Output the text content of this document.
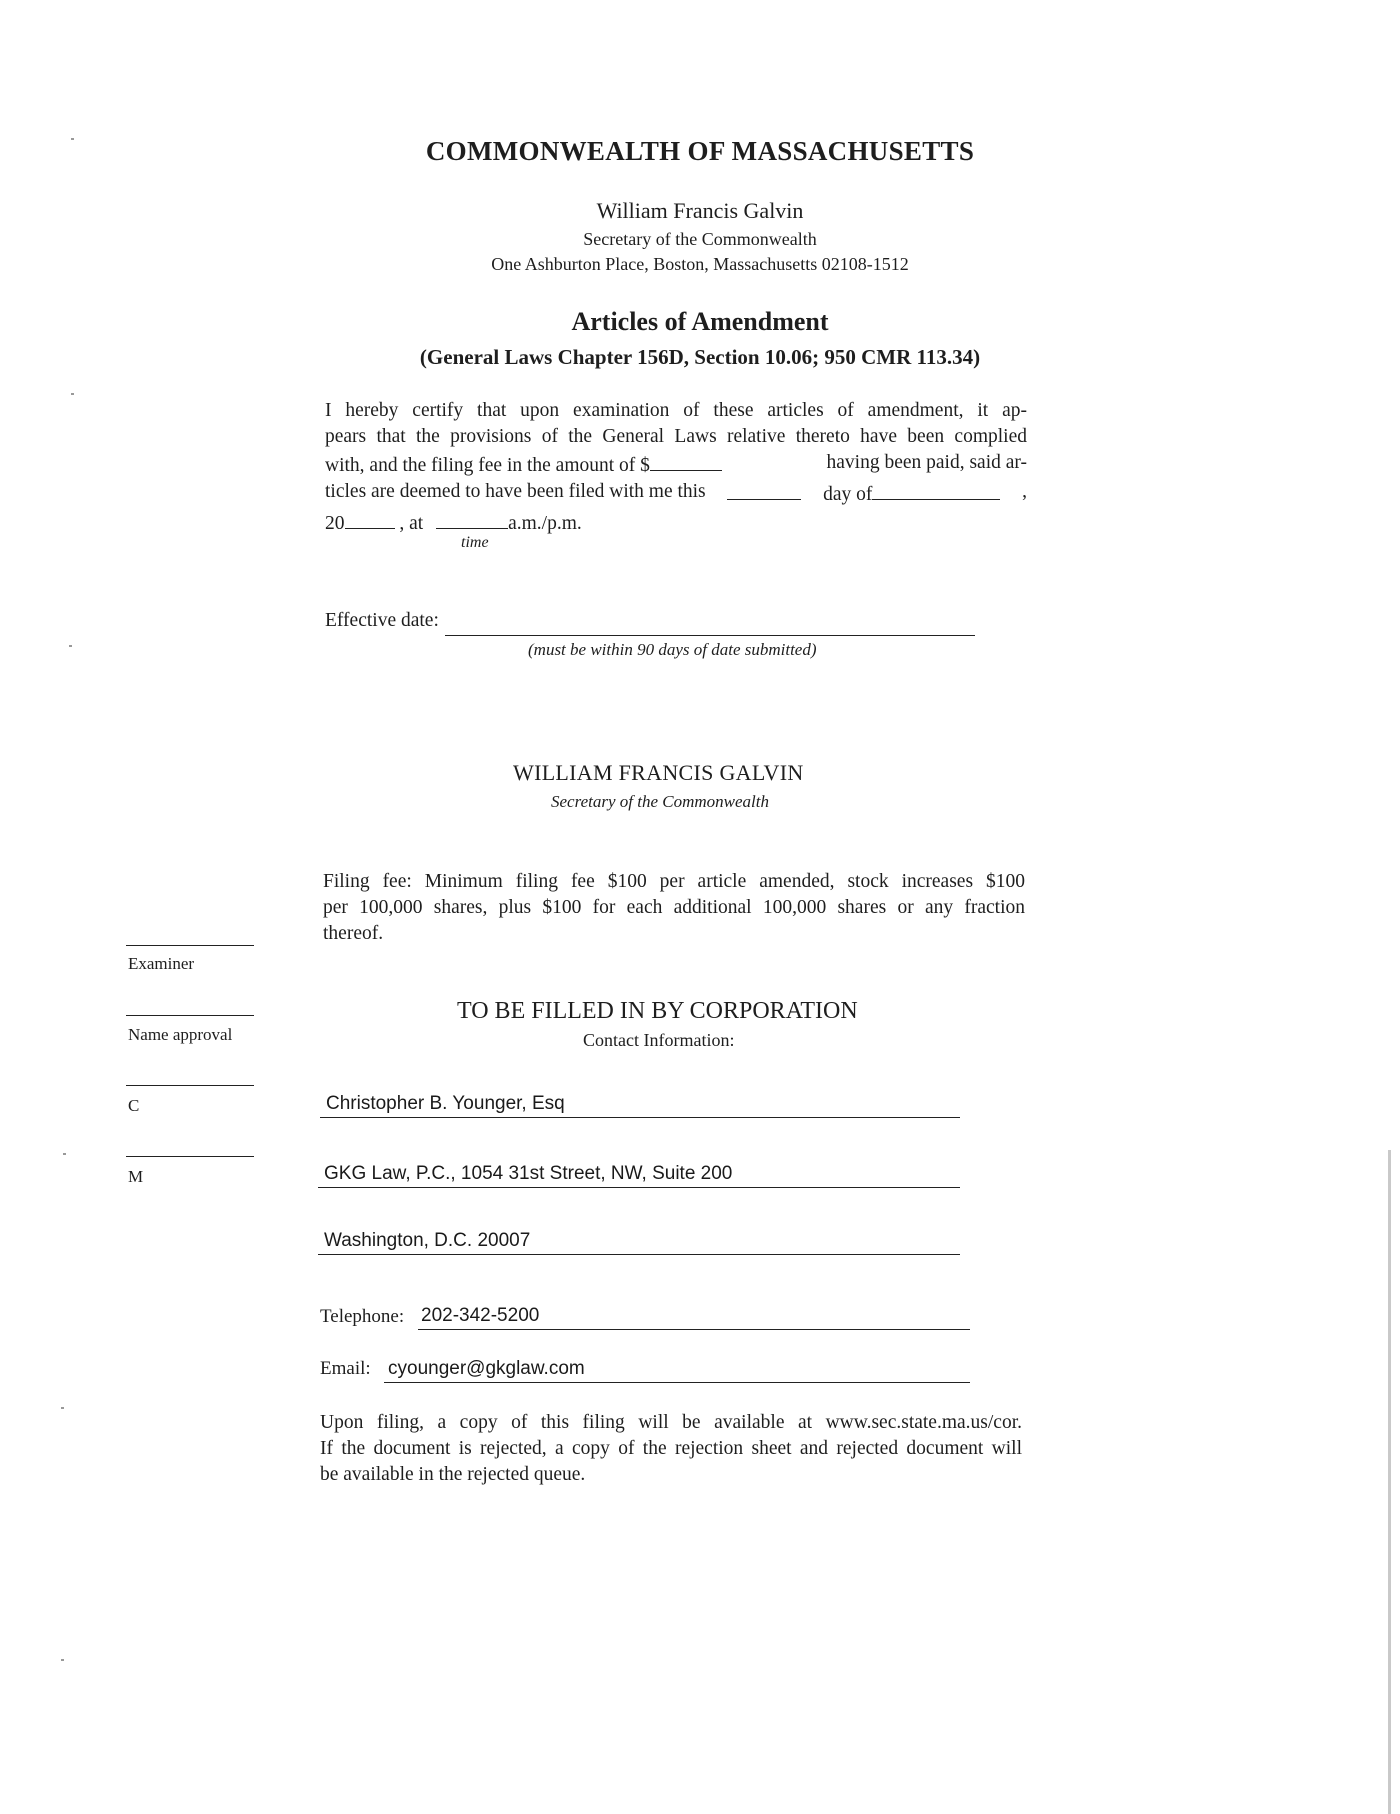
COMMONWEALTH OF MASSACHUSETTS
William Francis Galvin
Secretary of the Commonwealth
One Ashburton Place, Boston, Massachusetts 02108-1512
Articles of Amendment
(General Laws Chapter 156D, Section 10.06; 950 CMR 113.34)
I hereby certify that upon examination of these articles of amendment, it ap-
pears that the provisions of the General Laws relative thereto have been complied
with, and the filing fee in the amount of $	having been paid, said ar-
ticles are deemed to have been filed with me this	day of	,
20	, at	a.m./p.m.
time
Effective date:
(must be within 90 days of date submitted)
WILLIAM FRANCIS GALVIN
Secretary of the Commonwealth
Filing fee: Minimum filing fee $100 per article amended, stock increases $100
per 100,000 shares, plus $100 for each additional 100,000 shares or any fraction
thereof.
Examiner
Name approval
C
M
TO BE FILLED IN BY CORPORATION
Contact Information:
Christopher B. Younger, Esq
GKG Law, P.C., 1054 31st Street, NW, Suite 200
Washington, D.C. 20007
Telephone: 202-342-5200
Email: cyounger@gkglaw.com
Upon filing, a copy of this filing will be available at www.sec.state.ma.us/cor.
If the document is rejected, a copy of the rejection sheet and rejected document will
be available in the rejected queue.
